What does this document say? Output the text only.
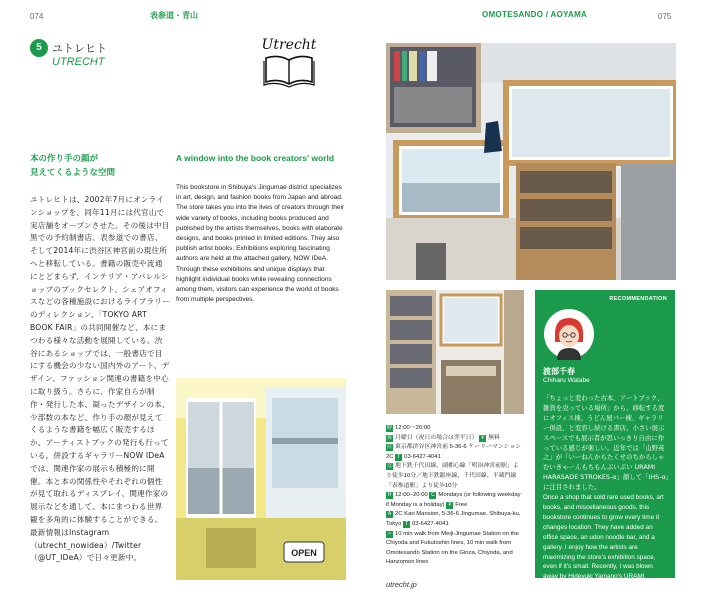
074	表参道・青山	OMOTESANDO / AOYAMA	075
5 ユトレヒト
UTRECHT
Utrecht
本の作り手の顔が
見えてくるような空間
ユトレヒトは、2002年7月にオンラインショップを、同年11月には代官山で実店舗をオープンさせた。その後は中目黒での予約制書店、表参道での書店、そして2014年に渋谷区神宮前の現住所へと移転している。書籍の販売や流通にとどまらず、インテリア・アパレルショップのブックセレクト、シェアオフィスなどの各種施設におけるライブラリーのディレクション、「TOKYO ART BOOK FAIR」の共同開催など、本にまつわる様々な活動を展開している。渋谷にあるショップでは、一般書店で目にする機会の少ない国内外のアート、デザイン、ファッション関連の書籍を中心に取り扱う。さらに、作家自らが制作・発行した本、凝ったデザインの本、少部数の本など、作り手の顔が見えてくるような書籍を幅広く販売するほか、アーティストブックの発行も行っている。併設するギャラリーNOW IDeAでは、関連作家の展示も積極的に開催。本と本の関係性やそれぞれの個性が見て取れるディスプレイ、関連作家の展示などを通して、本にまつわる世界観を多角的に体験することができる。最新情報はInstagram（utrecht_nowidea）/Twitter（@UT_IDeA）で日々更新中。
A window into the book creators' world
This bookstore in Shibuya's Jingumae district specializes in art, design, and fashion books from Japan and abroad. The store takes you into the lives of creators through their wide variety of books, including books produced and published by the artists themselves, books with elaborate designs, and books printed in limited editions. They also publish artist books. Exhibitions exploring fascinating authors are held at the attached gallery, NOW IDeA. Through these exhibitions and unique displays that highlight individual books while revealing connections among them, visitors can experience the world of books from multiple perspectives.
OPEN

時 12:00～20:00

休 月曜日（祝日の場合は翌平日） ¥ 無料

住 東京都渋谷区神宮前 5-36-6 ケーリーマンション 2C T 03-6427-4041

交 地下鉄千代田線、副都心線「明治神宮前駅」より徒歩10分／地下鉄銀座線、千代田線、半蔵門線「表参道駅」より徒歩10分

H 12:00–20:00 C Mondays (or following weekday if Monday is a holiday) ¥ Free

A 2C Kari Mansion, 5-36-6 Jingumae, Shibuya-ku, Tokyo T 03-6427-4041

> 10 min walk from Meiji-Jingumae Station on the Chiyoda and Fukutoshin lines, 10 min walk from Omotesando Station on the Ginza, Chiyoda, and Hanzomon lines

utrecht.jp
RECOMMENDATION
渡部千春
Chiharu Watabe
「ちょっと変わった古本、アートブック、雑貨を売っている場所」から、移転する度にオフィス棟、うどん屋バー棟、ギャラリー併設、と変容し続ける書店。小さい展示スペースでも展示者が思いっきり自由に作っている感じが楽しい。近年では「山野英之」が「いーねんからたくせのちからしゃむいきゃーんもちもんぶいぶい URAMI HARASADE STROKES-α」顔して「IHS-α」に注目されました。
Once a shop that sold rare used books, art books, and miscellaneous goods, this bookstore continues to grow every time it changes location. They have added an office space, an udon noodle bar, and a gallery. I enjoy how the artists are maximizing the store's exhibition space, even if it's small. Recently, I was blown away by Hideyuki Yamano's URAMI HARASADE STROKES-α.
